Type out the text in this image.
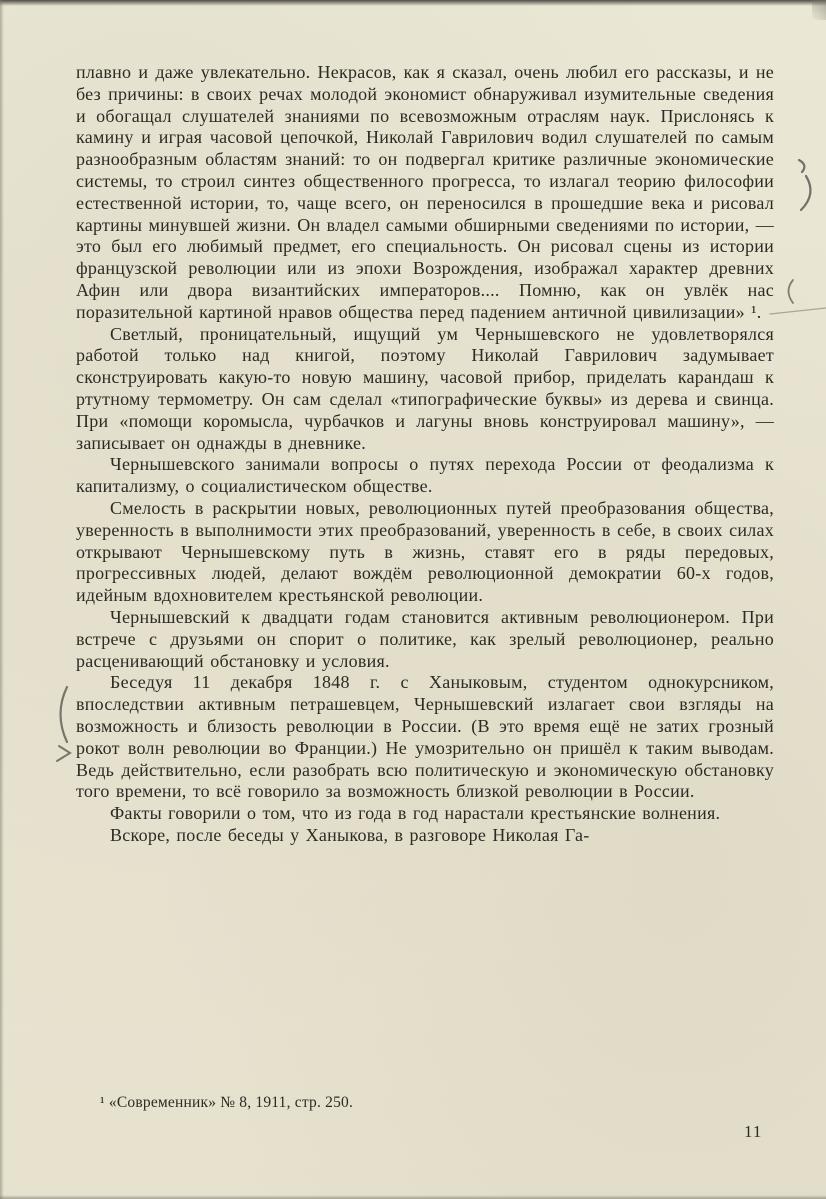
плавно и даже увлекательно. Некрасов, как я сказал, очень любил его рассказы, и не без причины: в своих речах молодой экономист обнаруживал изумительные сведения и обогащал слушателей знаниями по всевозможным отраслям наук. Прислонясь к камину и играя часовой цепочкой, Николай Гаврилович водил слушателей по самым разнообразным областям знаний: то он подвергал критике различные экономические системы, то строил синтез общественного прогресса, то излагал теорию философии естественной истории, то, чаще всего, он переносился в прошедшие века и рисовал картины минувшей жизни. Он владел самыми обширными сведениями по истории, — это был его любимый предмет, его специальность. Он рисовал сцены из истории французской революции или из эпохи Возрождения, изображал характер древних Афин или двора византийских императоров.... Помню, как он увлёк нас поразительной картиной нравов общества перед падением античной цивилизации» ¹.

Светлый, проницательный, ищущий ум Чернышевского не удовлетворялся работой только над книгой, поэтому Николай Гаврилович задумывает сконструировать какую-то новую машину, часовой прибор, приделать карандаш к ртутному термометру. Он сам сделал «типографические буквы» из дерева и свинца. При «помощи коромысла, чурбачков и лагуны вновь конструировал машину», — записывает он однажды в дневнике.

Чернышевского занимали вопросы о путях перехода России от феодализма к капитализму, о социалистическом обществе.

Смелость в раскрытии новых, революционных путей преобразования общества, уверенность в выполнимости этих преобразований, уверенность в себе, в своих силах открывают Чернышевскому путь в жизнь, ставят его в ряды передовых, прогрессивных людей, делают вождём революционной демократии 60-х годов, идейным вдохновителем крестьянской революции.

Чернышевский к двадцати годам становится активным революционером. При встрече с друзьями он спорит о политике, как зрелый революционер, реально расценивающий обстановку и условия.

Беседуя 11 декабря 1848 г. с Ханыковым, студентом однокурсником, впоследствии активным петрашевцем, Чернышевский излагает свои взгляды на возможность и близость революции в России. (В это время ещё не затих грозный рокот волн революции во Франции.) Не умозрительно он пришёл к таким выводам. Ведь действительно, если разобрать всю политическую и экономическую обстановку того времени, то всё говорило за возможность близкой революции в России.

Факты говорили о том, что из года в год нарастали крестьянские волнения.

Вскоре, после беседы у Ханыкова, в разговоре Николая Га-

¹ «Современник» № 8, 1911, стр. 250.
11
